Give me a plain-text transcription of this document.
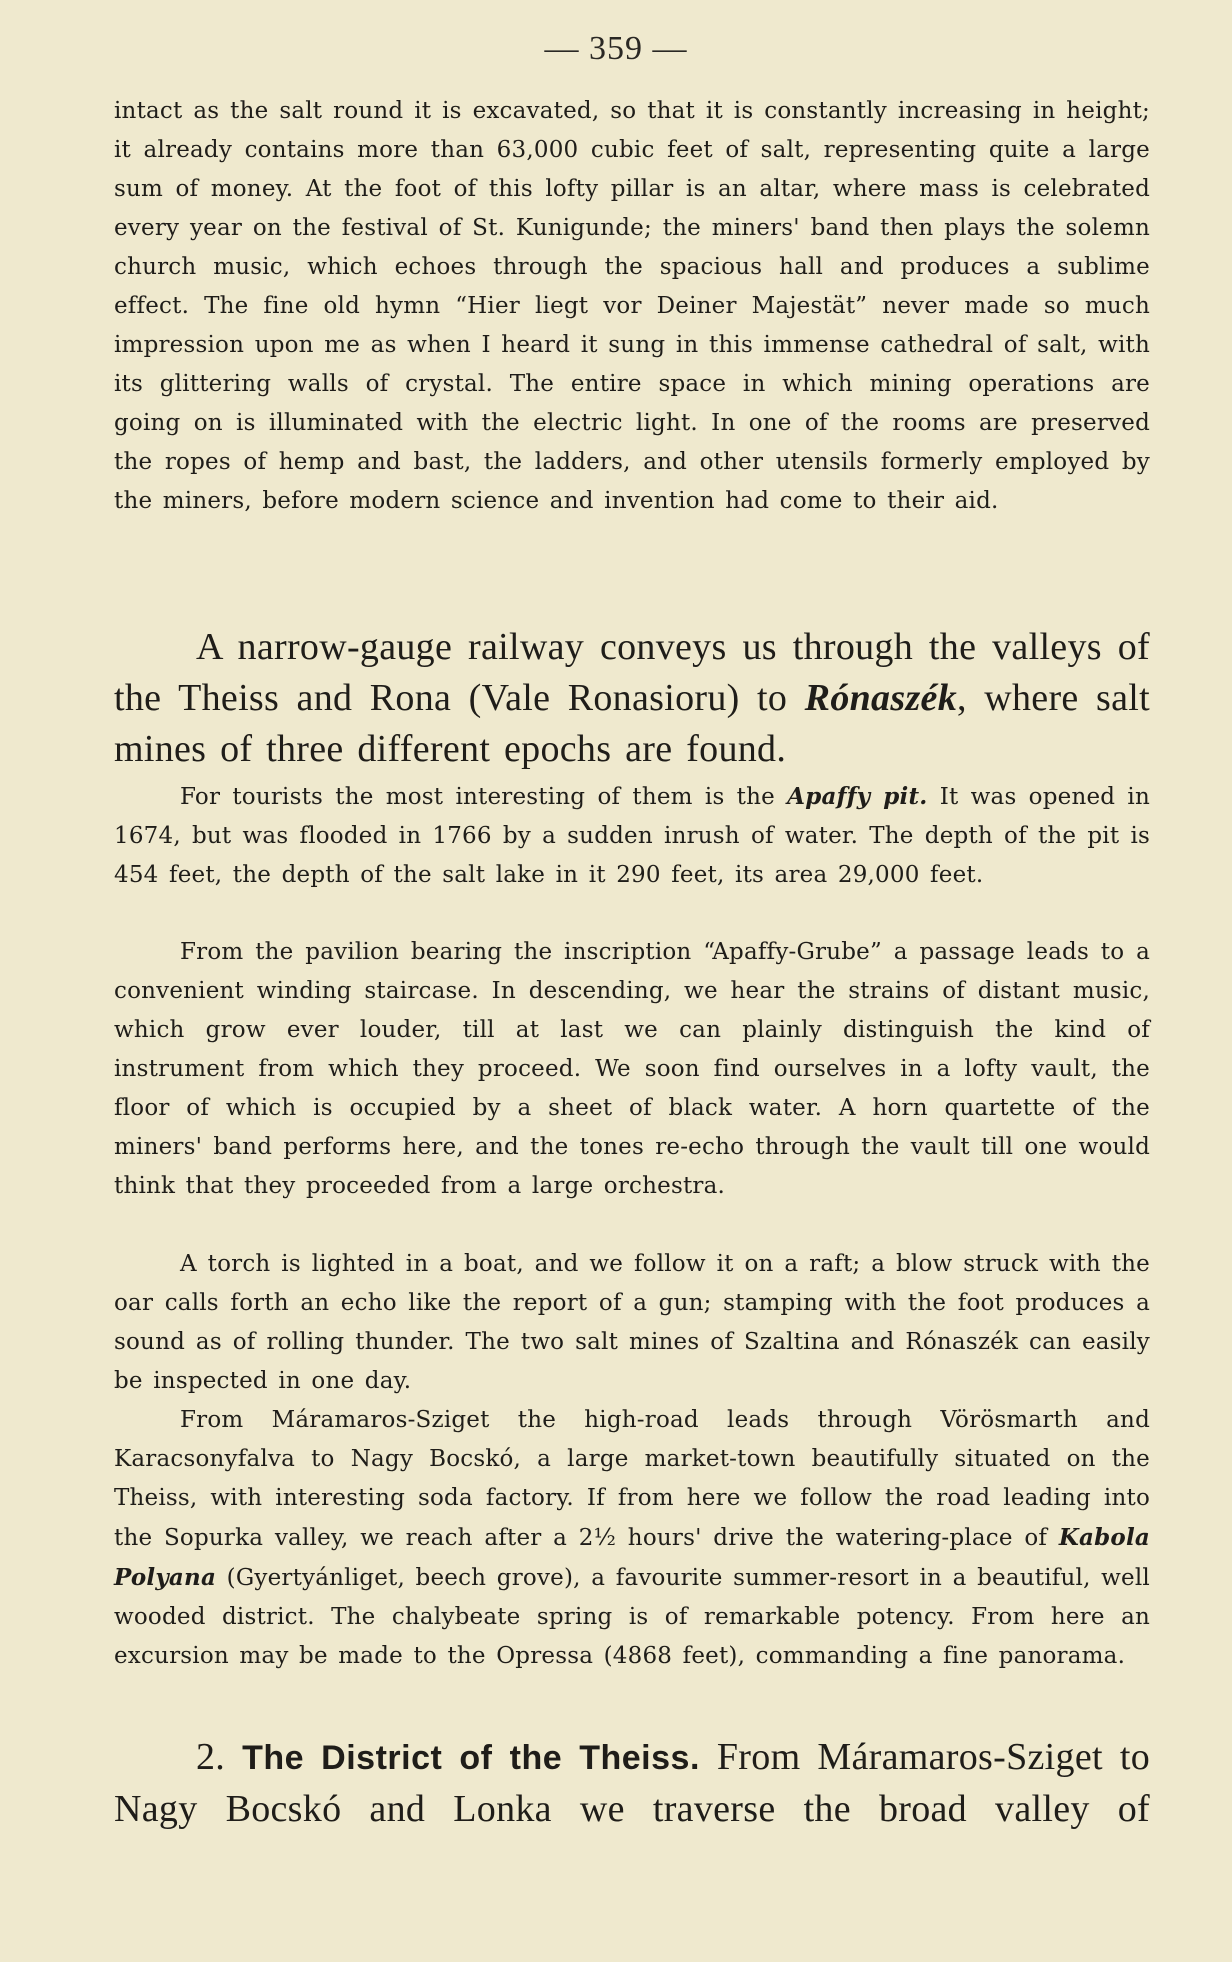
— 359 —

intact as the salt round it is excavated, so that it is constantly increasing in height; it already contains more than 63,000 cubic feet of salt, representing quite a large sum of money. At the foot of this lofty pillar is an altar, where mass is celebrated every year on the festival of St. Kunigunde; the miners' band then plays the solemn church music, which echoes through the spacious hall and produces a sublime effect. The fine old hymn “Hier liegt vor Deiner Majestät” never made so much impression upon me as when I heard it sung in this immense cathedral of salt, with its glittering walls of crystal. The entire space in which mining operations are going on is illuminated with the electric light. In one of the rooms are preserved the ropes of hemp and bast, the ladders, and other utensils formerly employed by the miners, before modern science and invention had come to their aid.

A narrow-gauge railway conveys us through the valleys of the Theiss and Rona (Vale Ronasioru) to Rónaszék, where salt mines of three different epochs are found.

For tourists the most interesting of them is the Apaffy pit. It was opened in 1674, but was flooded in 1766 by a sudden inrush of water. The depth of the pit is 454 feet, the depth of the salt lake in it 290 feet, its area 29,000 feet.

From the pavilion bearing the inscription “Apaffy-Grube” a passage leads to a convenient winding staircase. In descending, we hear the strains of distant music, which grow ever louder, till at last we can plainly distinguish the kind of instrument from which they proceed. We soon find ourselves in a lofty vault, the floor of which is occupied by a sheet of black water. A horn quartette of the miners' band performs here, and the tones re-echo through the vault till one would think that they proceeded from a large orchestra.

A torch is lighted in a boat, and we follow it on a raft; a blow struck with the oar calls forth an echo like the report of a gun; stamping with the foot produces a sound as of rolling thunder. The two salt mines of Szaltina and Rónaszék can easily be inspected in one day.

From Máramaros-Sziget the high-road leads through Vörösmarth and Karacsonyfalva to Nagy Bocskó, a large market-town beautifully situated on the Theiss, with interesting soda factory. If from here we follow the road leading into the Sopurka valley, we reach after a 2½ hours' drive the watering-place of Kabola Polyana (Gyertyánliget, beech grove), a favourite summer-resort in a beautiful, well wooded district. The chalybeate spring is of remarkable potency. From here an excursion may be made to the Opressa (4868 feet), commanding a fine panorama.

2. The District of the Theiss. From Máramaros-Sziget to Nagy Bocskó and Lonka we traverse the broad valley of
